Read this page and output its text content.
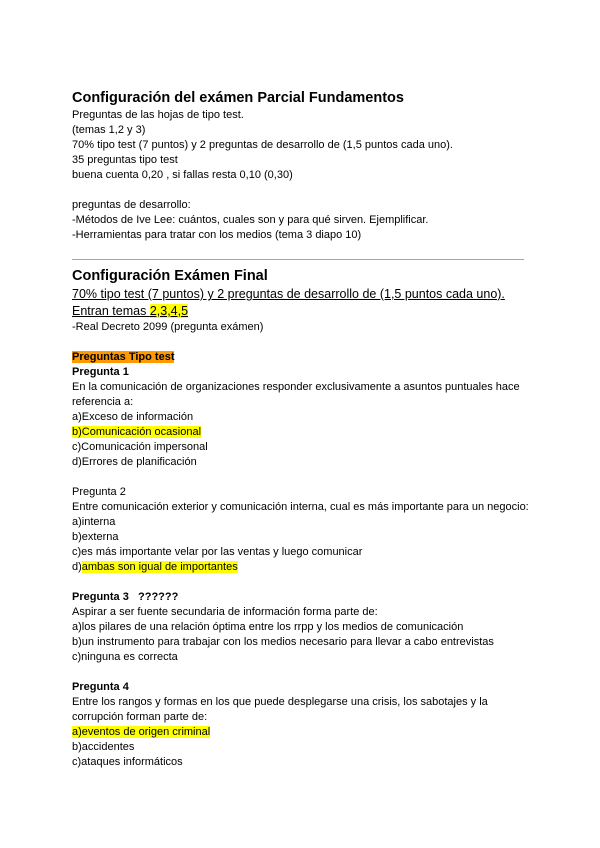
Configuración del exámen Parcial Fundamentos

Preguntas de las hojas de tipo test.

(temas 1,2 y 3)

70% tipo test (7 puntos) y 2 preguntas de desarrollo de (1,5 puntos cada uno).

35 preguntas tipo test

buena cuenta 0,20 , si fallas resta 0,10 (0,30)

preguntas de desarrollo:

-Métodos de Ive Lee: cuántos, cuales son y para qué sirven. Ejemplificar.

-Herramientas para tratar con los medios (tema 3 diapo 10)

Configuración Exámen Final

70% tipo test (7 puntos) y 2 preguntas de desarrollo de (1,5 puntos cada uno).

Entran temas 2,3,4,5

-Real Decreto 2099 (pregunta exámen)

Preguntas Tipo test

Pregunta 1

En la comunicación de organizaciones responder exclusivamente a asuntos puntuales hace referencia a:

a)Exceso de información

b)Comunicación ocasional

c)Comunicación impersonal

d)Errores de planificación

Pregunta 2

Entre comunicación exterior y comunicación interna, cual es más importante para un negocio:

a)interna

b)externa

c)es más importante velar por las ventas y luego comunicar

d)ambas son igual de importantes

Pregunta 3   ??????

Aspirar a ser fuente secundaria de información forma parte de:

a)los pilares de una relación óptima entre los rrpp y los medios de comunicación

b)un instrumento para trabajar con los medios necesario para llevar a cabo entrevistas

c)ninguna es correcta

Pregunta 4

Entre los rangos y formas en los que puede desplegarse una crisis, los sabotajes y la corrupción forman parte de:

a)eventos de origen criminal

b)accidentes

c)ataques informáticos
